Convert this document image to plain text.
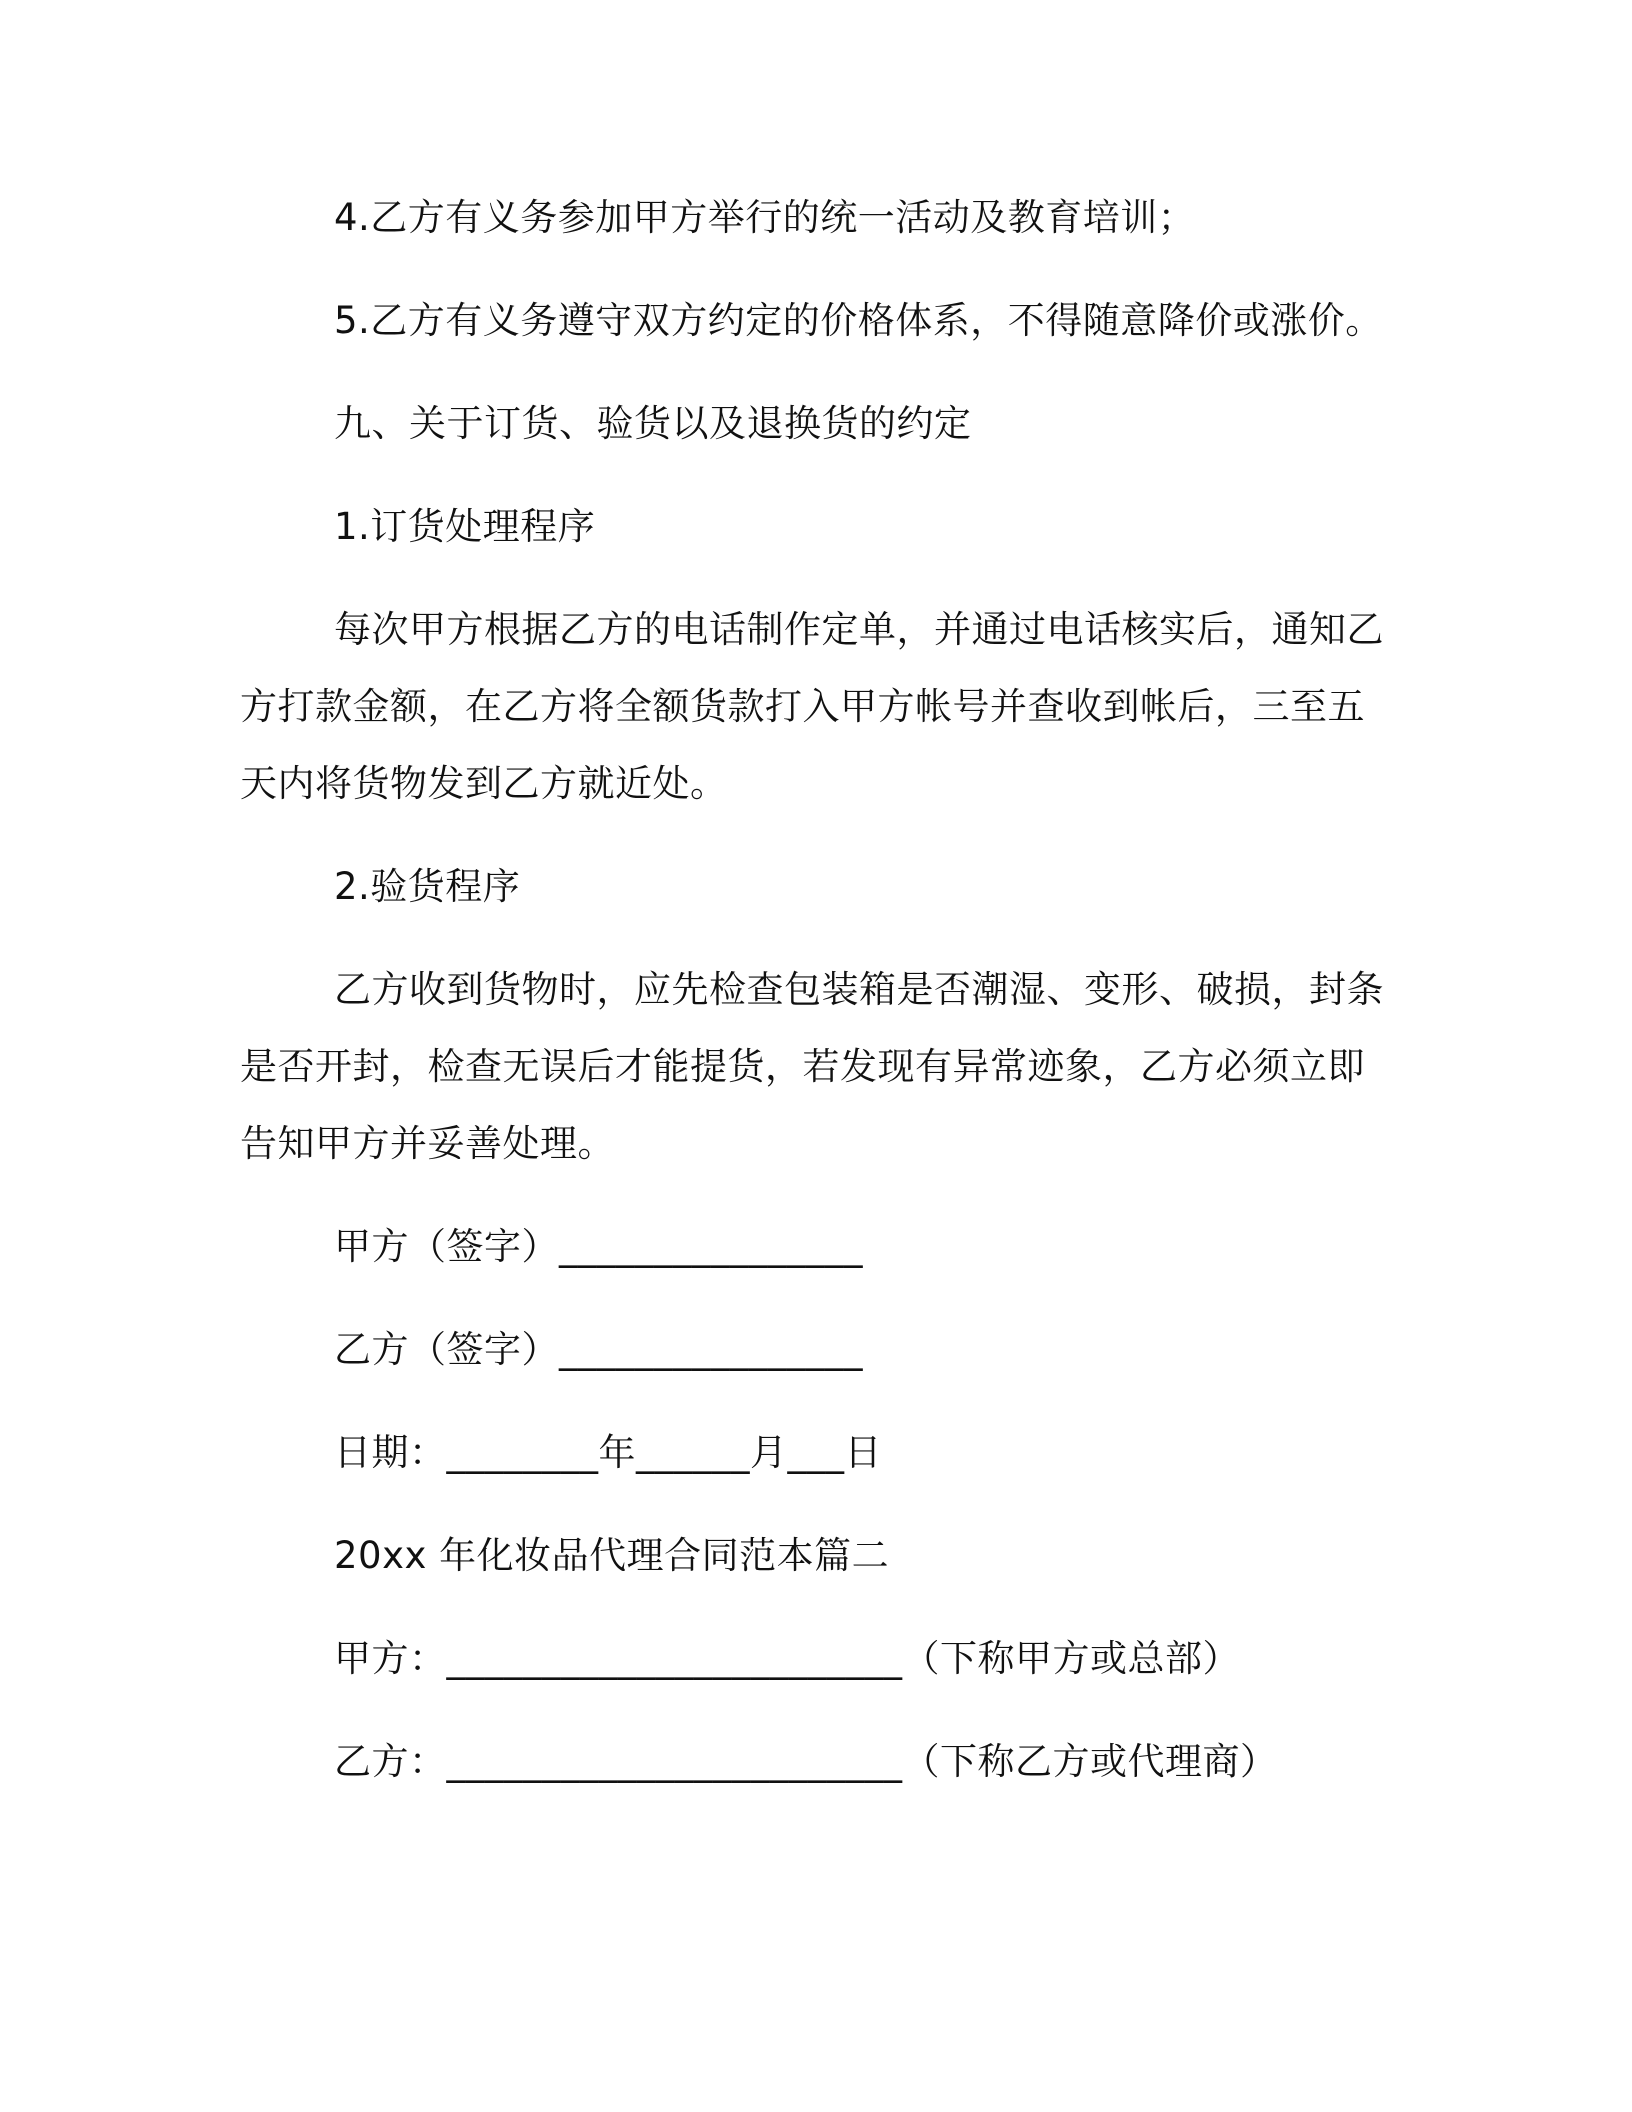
4.乙方有义务参加甲方举行的统一活动及教育培训；
5.乙方有义务遵守双方约定的价格体系，不得随意降价或涨价。
九、关于订货、验货以及退换货的约定
1.订货处理程序
每次甲方根据乙方的电话制作定单，并通过电话核实后，通知乙
方打款金额，在乙方将全额货款打入甲方帐号并查收到帐后，三至五
天内将货物发到乙方就近处。
2.验货程序
乙方收到货物时，应先检查包装箱是否潮湿、变形、破损，封条
是否开封，检查无误后才能提货，若发现有异常迹象，乙方必须立即
告知甲方并妥善处理。
甲方（签字）________________
乙方（签字）________________
日期：________年______月___日
20xx 年化妆品代理合同范本篇二
甲方：________________________（下称甲方或总部）
乙方：________________________（下称乙方或代理商）
